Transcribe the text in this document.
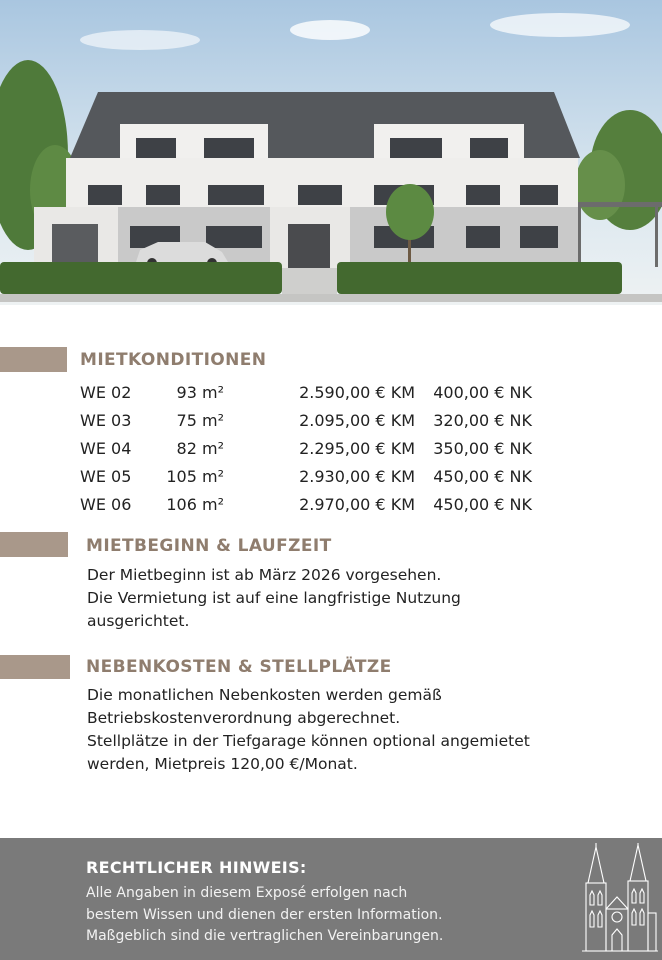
MIETKONDITIONEN
WE 02	93 m²	2.590,00 € KM 400,00 € NK
WE 03	75 m²	2.095,00 € KM 320,00 € NK
WE 04	82 m²	2.295,00 € KM 350,00 € NK
WE 05 105 m²	2.930,00 € KM 450,00 € NK
WE 06 106 m²	2.970,00 € KM 450,00 € NK
MIETBEGINN & LAUFZEIT
Der Mietbeginn ist ab März 2026 vorgesehen.
Die Vermietung ist auf eine langfristige Nutzung
ausgerichtet.
NEBENKOSTEN & STELLPLÄTZE
Die monatlichen Nebenkosten werden gemäß
Betriebskostenverordnung abgerechnet.
Stellplätze in der Tiefgarage können optional angemietet
werden, Mietpreis 120,00 €/Monat.
RECHTLICHER HINWEIS:
Alle Angaben in diesem Exposé erfolgen nach
bestem Wissen und dienen der ersten Information.
Maßgeblich sind die vertraglichen Vereinbarungen.
